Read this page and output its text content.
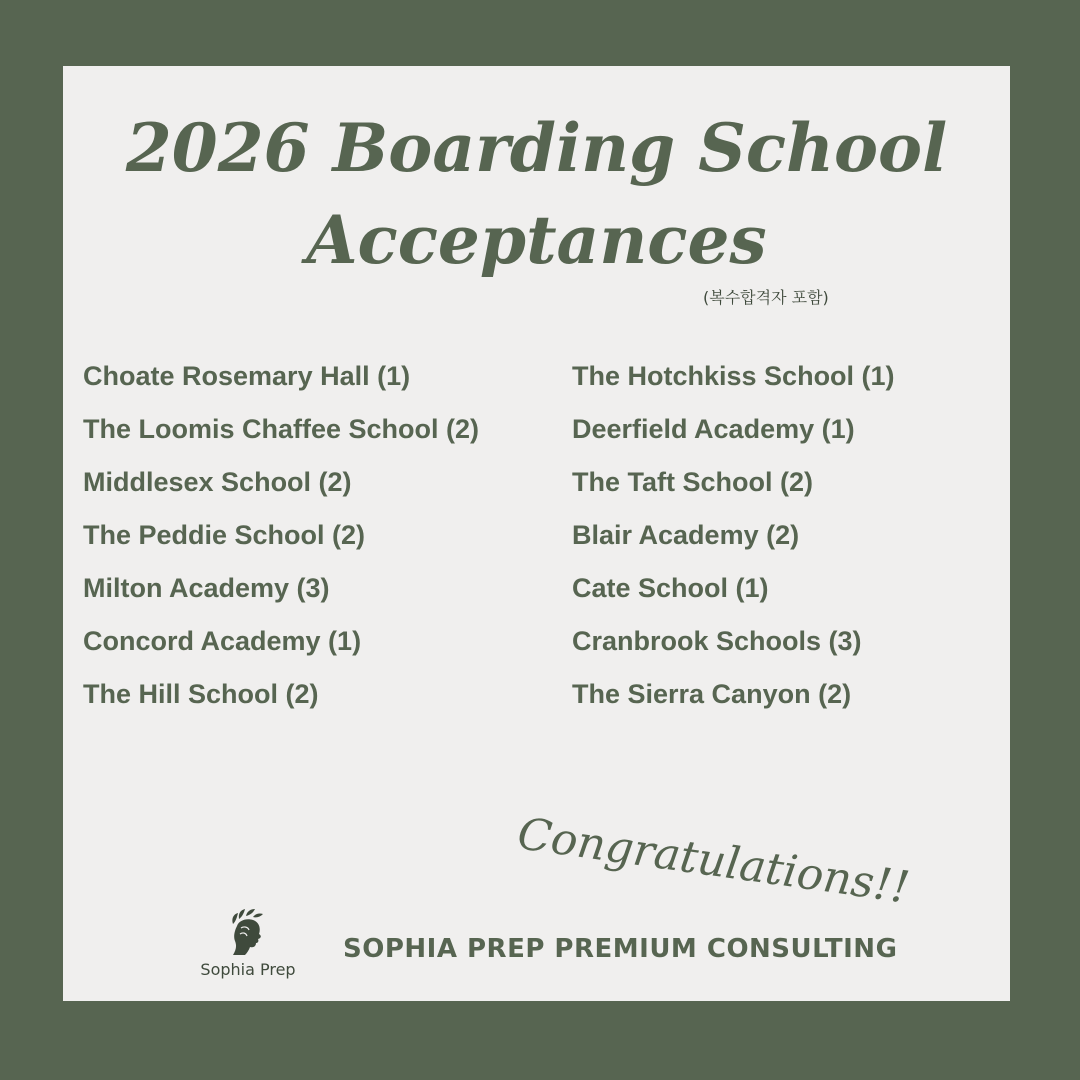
2026 Boarding School
Acceptances
(복수합격자 포함)
Choate Rosemary Hall (1)
The Loomis Chaffee School (2)
Middlesex School (2)
The Peddie School (2)
Milton Academy (3)
Concord Academy (1)
The Hill School (2)
The Hotchkiss School (1)
Deerfield Academy (1)
The Taft School (2)
Blair Academy (2)
Cate School (1)
Cranbrook Schools (3)
The Sierra Canyon (2)
Congratulations!!
Sophia Prep
SOPHIA PREP PREMIUM CONSULTING
